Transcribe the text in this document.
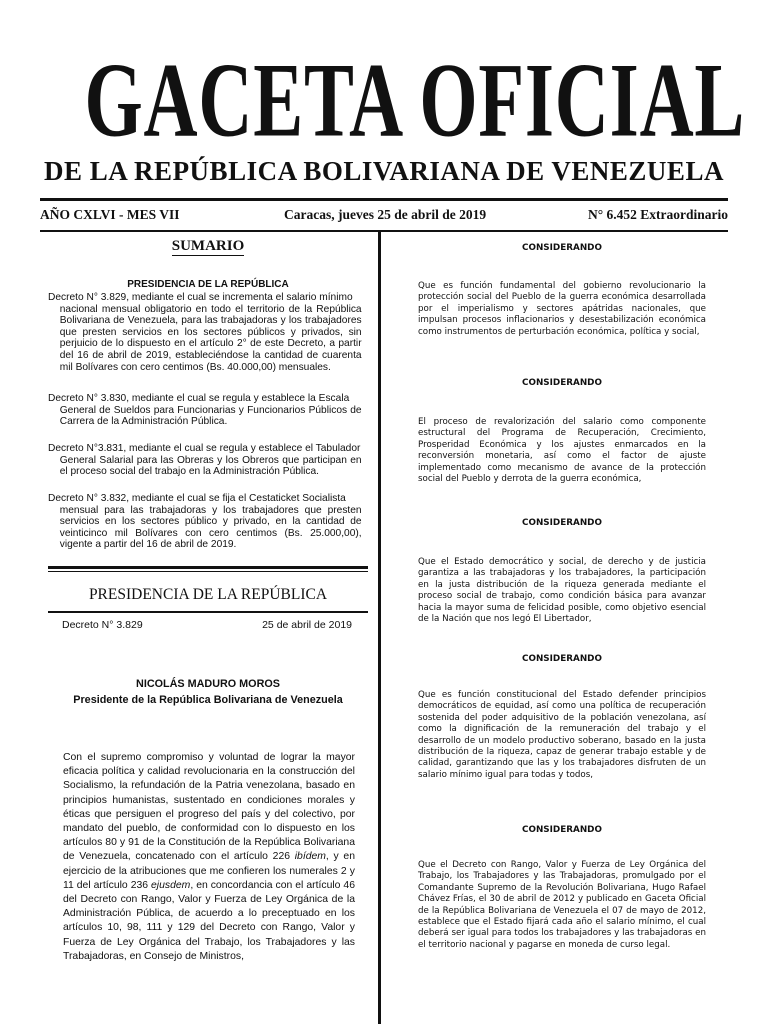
GACETA OFICIAL
DE LA REPÚBLICA BOLIVARIANA DE VENEZUELA
AÑO CXLVI - MES VII	Caracas, jueves 25 de abril de 2019	N° 6.452 Extraordinario
SUMARIO
PRESIDENCIA DE LA REPÚBLICA
Decreto N° 3.829, mediante el cual se incrementa el salario mínimo
nacional mensual obligatorio en todo el territorio de la República Bolivariana de Venezuela, para las trabajadoras y los trabajadores que presten servicios en los sectores públicos y privados, sin perjuicio de lo dispuesto en el artículo 2° de este Decreto, a partir del 16 de abril de 2019, estableciéndose la cantidad de cuarenta mil Bolívares con cero centimos (Bs. 40.000,00) mensuales.
Decreto N° 3.830, mediante el cual se regula y establece la Escala
General de Sueldos para Funcionarias y Funcionarios Públicos de Carrera de la Administración Pública.
Decreto N°3.831, mediante el cual se regula y establece el Tabulador
General Salarial para las Obreras y los Obreros que participan en el proceso social del trabajo en la Administración Pública.
Decreto N° 3.832, mediante el cual se fija el Cestaticket Socialista
mensual para las trabajadoras y los trabajadores que presten servicios en los sectores público y privado, en la cantidad de veinticinco mil Bolívares con cero centimos (Bs. 25.000,00), vigente a partir del 16 de abril de 2019.
PRESIDENCIA DE LA REPÚBLICA
Decreto N° 3.829	25 de abril de 2019
NICOLÁS MADURO MOROS
Presidente de la República Bolivariana de Venezuela
Con el supremo compromiso y voluntad de lograr la mayor eficacia política y calidad revolucionaria en la construcción del Socialismo, la refundación de la Patria venezolana, basado en principios humanistas, sustentado en condiciones morales y éticas que persiguen el progreso del país y del colectivo, por mandato del pueblo, de conformidad con lo dispuesto en los artículos 80 y 91 de la Constitución de la República Bolivariana de Venezuela, concatenado con el artículo 226 ibídem, y en ejercicio de la atribuciones que me confieren los numerales 2 y 11 del artículo 236 ejusdem, en concordancia con el artículo 46 del Decreto con Rango, Valor y Fuerza de Ley Orgánica de la Administración Pública, de acuerdo a lo preceptuado en los artículos 10, 98, 111 y 129 del Decreto con Rango, Valor y Fuerza de Ley Orgánica del Trabajo, los Trabajadores y las Trabajadoras, en Consejo de Ministros,
CONSIDERANDO
Que es función fundamental del gobierno revolucionario la protección social del Pueblo de la guerra económica desarrollada por el imperialismo y sectores apátridas nacionales, que impulsan procesos inflacionarios y desestabilización económica como instrumentos de perturbación económica, política y social,
CONSIDERANDO
El proceso de revalorización del salario como componente estructural del Programa de Recuperación, Crecimiento, Prosperidad Económica y los ajustes enmarcados en la reconversión monetaria, así como el factor de ajuste implementado como mecanismo de avance de la protección social del Pueblo y derrota de la guerra económica,
CONSIDERANDO
Que el Estado democrático y social, de derecho y de justicia garantiza a las trabajadoras y los trabajadores, la participación en la justa distribución de la riqueza generada mediante el proceso social de trabajo, como condición básica para avanzar hacia la mayor suma de felicidad posible, como objetivo esencial de la Nación que nos legó El Libertador,
CONSIDERANDO
Que es función constitucional del Estado defender principios democráticos de equidad, así como una política de recuperación sostenida del poder adquisitivo de la población venezolana, así como la dignificación de la remuneración del trabajo y el desarrollo de un modelo productivo soberano, basado en la justa distribución de la riqueza, capaz de generar trabajo estable y de calidad, garantizando que las y los trabajadores disfruten de un salario mínimo igual para todas y todos,
CONSIDERANDO
Que el Decreto con Rango, Valor y Fuerza de Ley Orgánica del Trabajo, los Trabajadores y las Trabajadoras, promulgado por el Comandante Supremo de la Revolución Bolivariana, Hugo Rafael Chávez Frías, el 30 de abril de 2012 y publicado en Gaceta Oficial de la República Bolivariana de Venezuela el 07 de mayo de 2012, establece que el Estado fijará cada año el salario mínimo, el cual deberá ser igual para todos los trabajadores y las trabajadoras en el territorio nacional y pagarse en moneda de curso legal.
